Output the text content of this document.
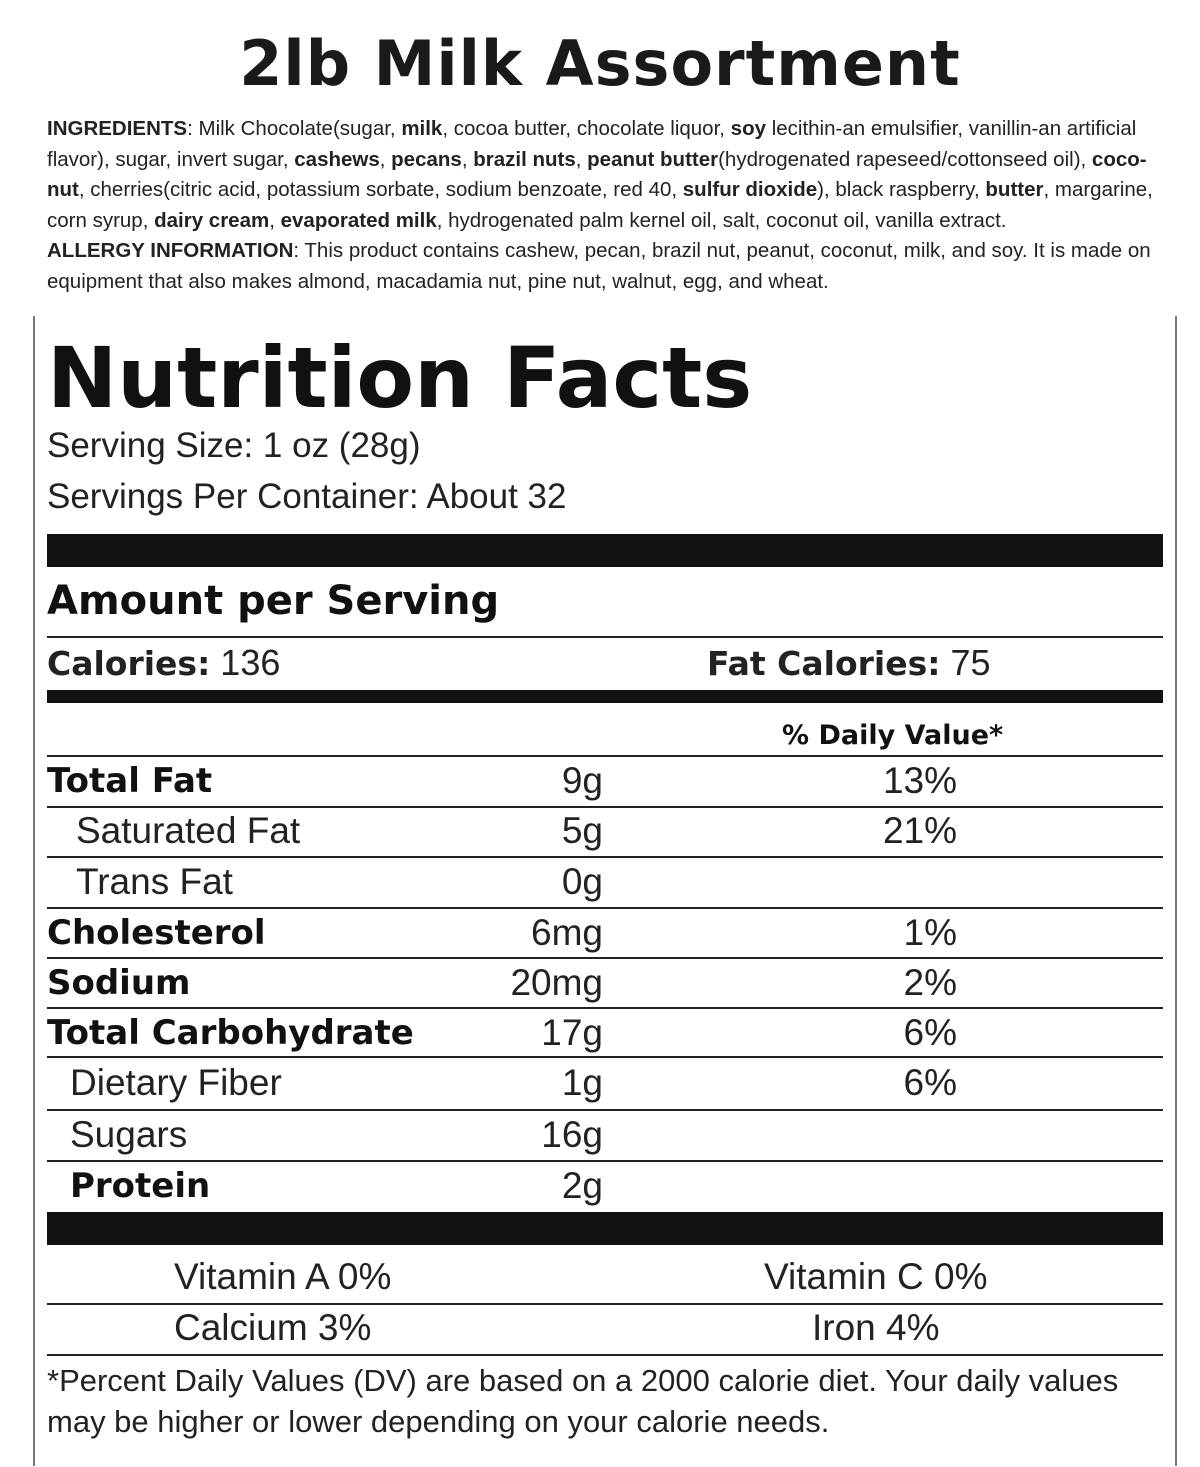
2lb Milk Assortment
INGREDIENTS: Milk Chocolate(sugar, milk, cocoa butter, chocolate liquor, soy lecithin-an emulsifier, vanillin-an artificial flavor), sugar, invert sugar, cashews, pecans, brazil nuts, peanut butter(hydrogenated rapeseed/cottonseed oil), coco-nut, cherries(citric acid, potassium sorbate, sodium benzoate, red 40, sulfur dioxide), black raspberry, butter, margarine, corn syrup, dairy cream, evaporated milk, hydrogenated palm kernel oil, salt, coconut oil, vanilla extract.
ALLERGY INFORMATION: This product contains cashew, pecan, brazil nut, peanut, coconut, milk, and soy. It is made on equipment that also makes almond, macadamia nut, pine nut, walnut, egg, and wheat.
Nutrition Facts
Serving Size: 1 oz (28g)
Servings Per Container: About 32
Amount per Serving
Calories: 136	Fat Calories: 75
% Daily Value*
Total Fat	9g	13%
Saturated Fat	5g	21%
Trans Fat	0g
Cholesterol	6mg	1%
Sodium	20mg	2%
Total Carbohydrate	17g	6%
Dietary Fiber	1g	6%
Sugars	16g
Protein	2g
Vitamin A 0%	Vitamin C 0%
Calcium 3%	Iron 4%
*Percent Daily Values (DV) are based on a 2000 calorie diet. Your daily values may be higher or lower depending on your calorie needs.
